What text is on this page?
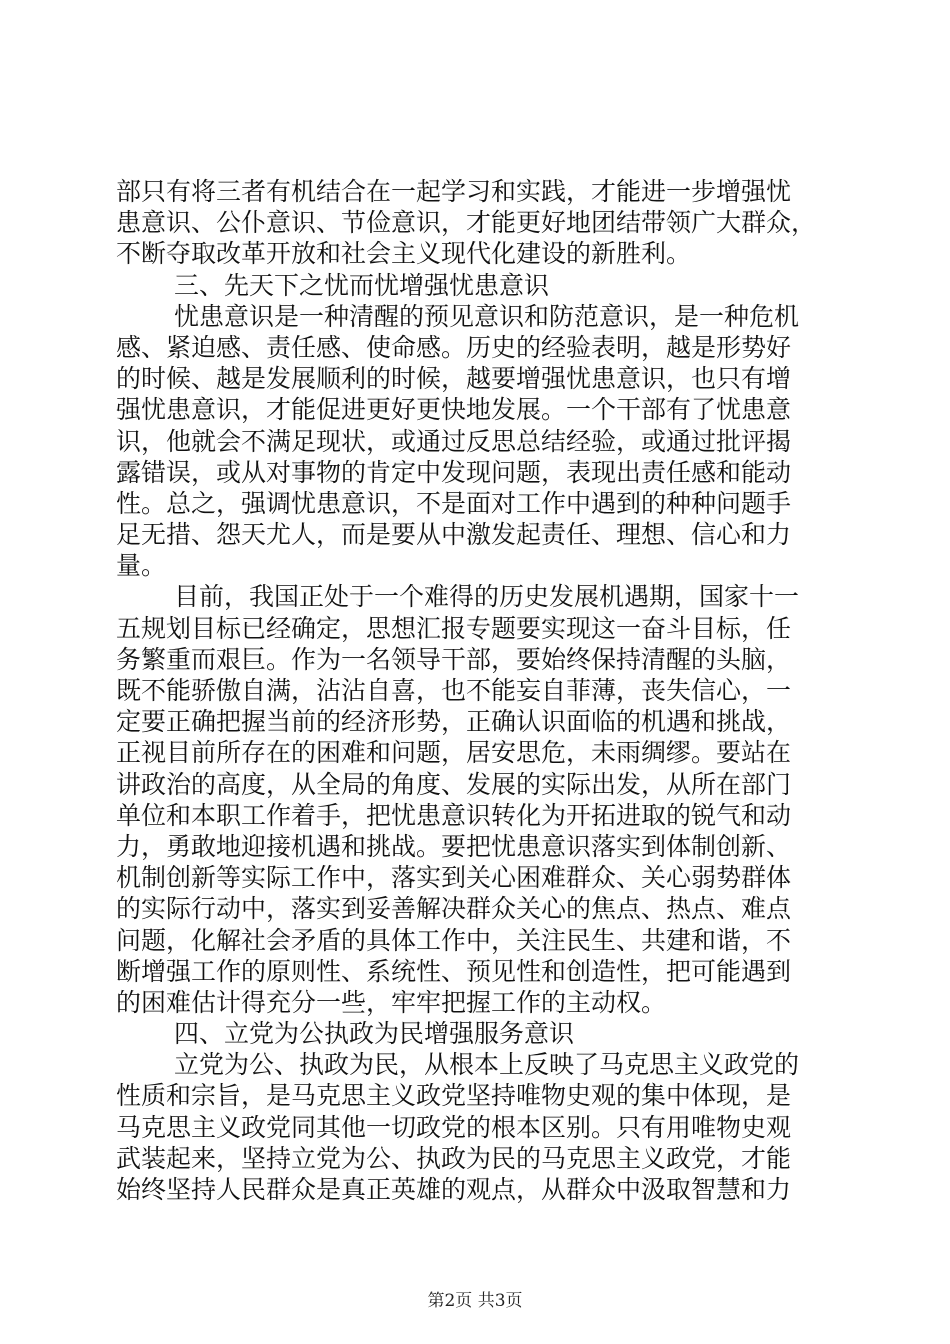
部只有将三者有机结合在一起学习和实践，才能进一步增强忧
患意识、公仆意识、节俭意识，才能更好地团结带领广大群众，
不断夺取改革开放和社会主义现代化建设的新胜利。
三、先天下之忧而忧增强忧患意识
忧患意识是一种清醒的预见意识和防范意识，是一种危机
感、紧迫感、责任感、使命感。历史的经验表明，越是形势好
的时候、越是发展顺利的时候，越要增强忧患意识，也只有增
强忧患意识，才能促进更好更快地发展。一个干部有了忧患意
识，他就会不满足现状，或通过反思总结经验，或通过批评揭
露错误，或从对事物的肯定中发现问题，表现出责任感和能动
性。总之，强调忧患意识，不是面对工作中遇到的种种问题手
足无措、怨天尤人，而是要从中激发起责任、理想、信心和力
量。
目前，我国正处于一个难得的历史发展机遇期，国家十一
五规划目标已经确定，思想汇报专题要实现这一奋斗目标，任
务繁重而艰巨。作为一名领导干部，要始终保持清醒的头脑，
既不能骄傲自满，沾沾自喜，也不能妄自菲薄，丧失信心，一
定要正确把握当前的经济形势，正确认识面临的机遇和挑战，
正视目前所存在的困难和问题，居安思危，未雨绸缪。要站在
讲政治的高度，从全局的角度、发展的实际出发，从所在部门
单位和本职工作着手，把忧患意识转化为开拓进取的锐气和动
力，勇敢地迎接机遇和挑战。要把忧患意识落实到体制创新、
机制创新等实际工作中，落实到关心困难群众、关心弱势群体
的实际行动中，落实到妥善解决群众关心的焦点、热点、难点
问题，化解社会矛盾的具体工作中，关注民生、共建和谐，不
断增强工作的原则性、系统性、预见性和创造性，把可能遇到
的困难估计得充分一些，牢牢把握工作的主动权。
四、立党为公执政为民增强服务意识
立党为公、执政为民，从根本上反映了马克思主义政党的
性质和宗旨，是马克思主义政党坚持唯物史观的集中体现，是
马克思主义政党同其他一切政党的根本区别。只有用唯物史观
武装起来，坚持立党为公、执政为民的马克思主义政党，才能
始终坚持人民群众是真正英雄的观点，从群众中汲取智慧和力
第2页 共3页
